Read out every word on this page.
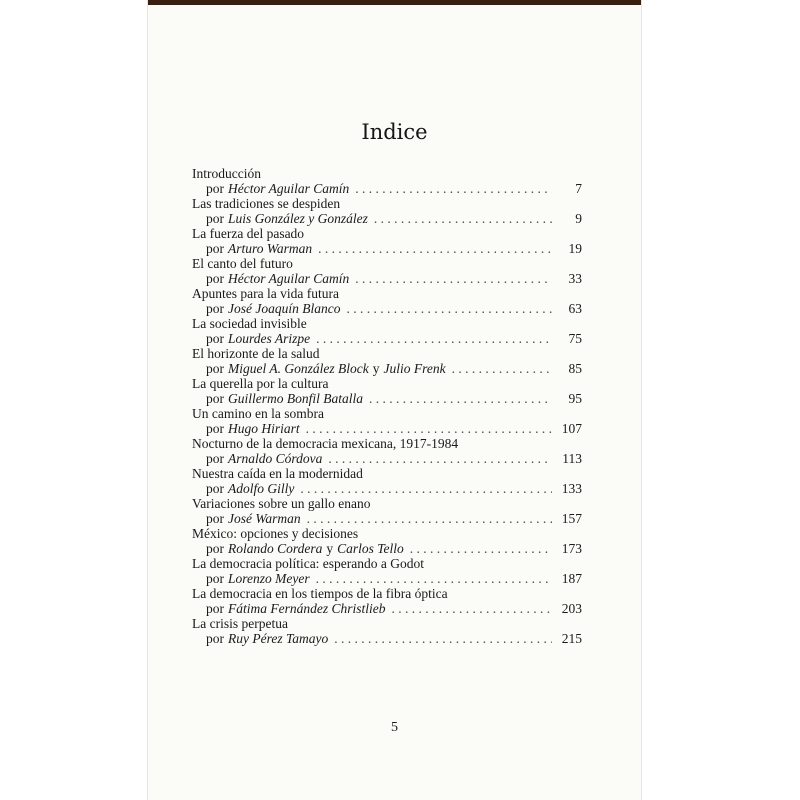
Indice
Introducción
por Héctor Aguilar Camín . . .	7
Las tradiciones se despiden
por Luis González y González . . .	9
La fuerza del pasado
por Arturo Warman . . .	19
El canto del futuro
por Héctor Aguilar Camín . . .	33
Apuntes para la vida futura
por José Joaquín Blanco . . .	63
La sociedad invisible
por Lourdes Arizpe . . .	75
El horizonte de la salud
por Miguel A. González Block y Julio Frenk . . .	85
La querella por la cultura
por Guillermo Bonfil Batalla . . .	95
Un camino en la sombra
por Hugo Hiriart . . .	107
Nocturno de la democracia mexicana, 1917-1984
por Arnaldo Córdova . . .	113
Nuestra caída en la modernidad
por Adolfo Gilly . . .	133
Variaciones sobre un gallo enano
por José Warman . . .	157
México: opciones y decisiones
por Rolando Cordera y Carlos Tello . . .	173
La democracia política: esperando a Godot
por Lorenzo Meyer . . .	187
La democracia en los tiempos de la fibra óptica
por Fátima Fernández Christlieb . . .	203
La crisis perpetua
por Ruy Pérez Tamayo . . .	215
5
